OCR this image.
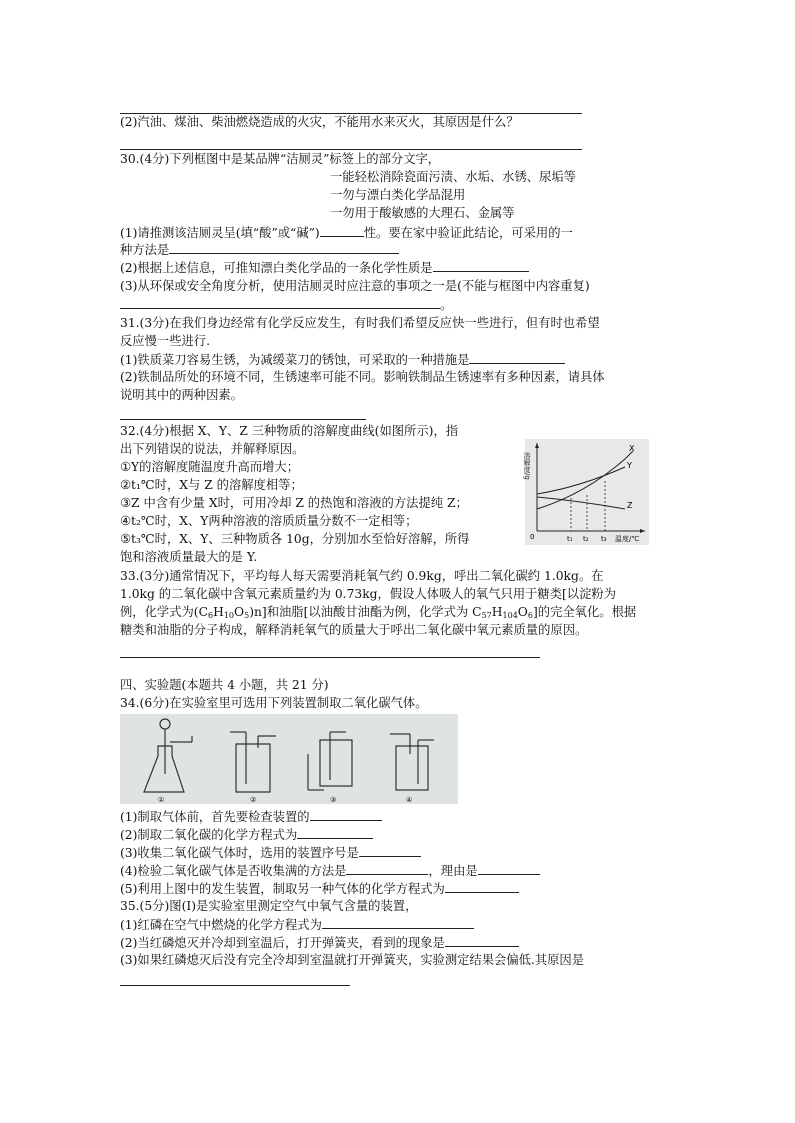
(2)汽油、煤油、柴油燃烧造成的火灾，不能用水来灭火，其原因是什么？
30.(4分)下列框图中是某品牌“洁厕灵”标签上的部分文字，
一能轻松消除瓷面污渍、水垢、水锈、尿垢等
一勿与漂白类化学品混用
一勿用于酸敏感的大理石、金属等
(1)请推测该洁厕灵呈(填“酸”或“碱”)	性。要在家中验证此结论，可采用的一
种方法是
(2)根据上述信息，可推知漂白类化学品的一条化学性质是
(3)从环保或安全角度分析，使用洁厕灵时应注意的事项之一是(不能与框图中内容重复)
。
31.(3分)在我们身边经常有化学反应发生，有时我们希望反应快一些进行，但有时也希望
反应慢一些进行.
(1)铁质菜刀容易生锈，为减缓菜刀的锈蚀，可采取的一种措施是
(2)铁制品所处的环境不同，生锈速率可能不同。影响铁制品生锈速率有多种因素，请具体
说明其中的两种因素。
32.(4分)根据 X、Y、Z 三种物质的溶解度曲线(如图所示)，指
出下列错误的说法，并解释原因。
①Y的溶解度随温度升高而增大；
②t₁℃时，X与 Z 的溶解度相等；
③Z 中含有少量 X时，可用冷却 Z 的热饱和溶液的方法提纯 Z；
④t₂℃时，X、Y两种溶液的溶质质量分数不一定相等；
⑤t₃℃时，X、Y、三种物质各 10g，分别加水至恰好溶解，所得
饱和溶液质量最大的是 Y.
溶解度/g
X
Y
Z
0	t₁ t₂ t₃ 温度/℃
33.(3分)通常情况下，平均每人每天需要消耗氧气约 0.9kg，呼出二氧化碳约 1.0kg。在
1.0kg 的二氧化碳中含氧元素质量约为 0.73kg，假设人体吸人的氧气只用于糖类[以淀粉为
例，化学式为$(C_6H_{10}O_5)n$]和油脂[以油酸甘油酯为例，化学式为 $C_{57}H_{104}O_6$]的完全氧化。根据
糖类和油脂的分子构成，解释消耗氧气的质量大于呼出二氧化碳中氧元素质量的原因。
四、实验题(本题共 4 小题，共 21 分)
34.(6分)在实验室里可选用下列装置制取二氧化碳气体。
①	②	③	④
(1)制取气体前，首先要检查装置的
(2)制取二氧化碳的化学方程式为
(3)收集二氧化碳气体时，选用的装置序号是
(4)检验二氧化碳气体是否收集满的方法是	，理由是
(5)利用上图中的发生装置，制取另一种气体的化学方程式为
35.(5分)图(Ⅰ)是实验室里测定空气中氧气含量的装置，
(1)红磷在空气中燃烧的化学方程式为
(2)当红磷熄灭并冷却到室温后，打开弹簧夹，看到的现象是
(3)如果红磷熄灭后没有完全冷却到室温就打开弹簧夹，实验测定结果会偏低.其原因是
